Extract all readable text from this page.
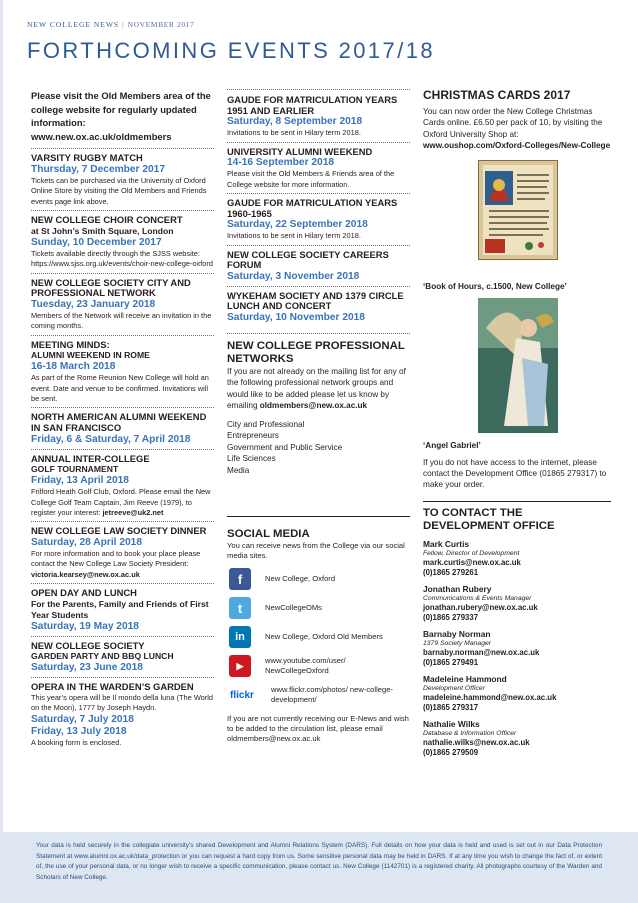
NEW COLLEGE NEWS | NOVEMBER 2017
FORTHCOMING EVENTS 2017/18
Please visit the Old Members area of the college website for regularly updated information: www.new.ox.ac.uk/oldmembers
VARSITY RUGBY MATCH
Thursday, 7 December 2017
Tickets can be purchased via the University of Oxford Online Store by visiting the Old Members and Friends events page link above.
NEW COLLEGE CHOIR CONCERT
at St John’s Smith Square, London
Sunday, 10 December 2017
Tickets available directly through the SJSS website: https://www.sjss.org.uk/events/choir-new-college-oxford
NEW COLLEGE SOCIETY CITY AND PROFESSIONAL NETWORK
Tuesday, 23 January 2018
Members of the Network will receive an invitation in the coming months.
MEETING MINDS:
ALUMNI WEEKEND IN ROME
16-18 March 2018
As part of the Rome Reunion New College will hold an event. Date and venue to be confirmed. Invitations will be sent.
NORTH AMERICAN ALUMNI WEEKEND IN SAN FRANCISCO
Friday, 6 & Saturday, 7 April 2018
ANNUAL INTER-COLLEGE
GOLF TOURNAMENT
Friday, 13 April 2018
Frilford Heath Golf Club, Oxford. Please email the New College Golf Team Captain, Jim Reeve (1979), to register your interest: jetreeve@uk2.net
NEW COLLEGE LAW SOCIETY DINNER
Saturday, 28 April 2018
For more information and to book your place please contact the New College Law Society President: victoria.kearsey@new.ox.ac.uk
OPEN DAY AND LUNCH
For the Parents, Family and Friends of First Year Students
Saturday, 19 May 2018
NEW COLLEGE SOCIETY
GARDEN PARTY AND BBQ LUNCH
Saturday, 23 June 2018
OPERA IN THE WARDEN’S GARDEN
This year’s opera will be Il mondo della luna (The World on the Moon), 1777 by Joseph Haydn.
Saturday, 7 July 2018
Friday, 13 July 2018
A booking form is enclosed.
GAUDE FOR MATRICULATION YEARS 1951 AND EARLIER
Saturday, 8 September 2018
Invitations to be sent in Hilary term 2018.
UNIVERSITY ALUMNI WEEKEND
14-16 September 2018
Please visit the Old Members & Friends area of the College website for more information.
GAUDE FOR MATRICULATION YEARS 1960-1965
Saturday, 22 September 2018
Invitations to be sent in Hilary term 2018.
NEW COLLEGE SOCIETY CAREERS FORUM
Saturday, 3 November 2018
WYKEHAM SOCIETY AND 1379 CIRCLE LUNCH AND CONCERT
Saturday, 10 November 2018
NEW COLLEGE PROFESSIONAL NETWORKS
If you are not already on the mailing list for any of the following professional network groups and would like to be added please let us know by emailing oldmembers@new.ox.ac.uk
City and Professional
Entrepreneurs
Government and Public Service
Life Sciences
Media
SOCIAL MEDIA
You can receive news from the College via our social media sites.
f	New College, Oxford
t	NewCollegeOMs
in	New College, Oxford Old Members
▶	www.youtube.com/user/ NewCollegeOxford
flickr	www.flickr.com/photos/ new-college-development/
If you are not currently receiving our E-News and wish to be added to the circulation list, please email oldmembers@new.ox.ac.uk
CHRISTMAS CARDS 2017
You can now order the New College Christmas Cards online. £6.50 per pack of 10, by visiting the Oxford University Shop at: www.oushop.com/Oxford-Colleges/New-College
‘Book of Hours, c.1500, New College’
‘Angel Gabriel’
If you do not have access to the internet, please contact the Development Office (01865 279317) to make your order.
TO CONTACT THE DEVELOPMENT OFFICE
Mark Curtis
Fellow, Director of Development
mark.curtis@new.ox.ac.uk
(0)1865 279261
Jonathan Rubery
Communications & Events Manager
jonathan.rubery@new.ox.ac.uk
(0)1865 279337
Barnaby Norman
1379 Society Manager
barnaby.norman@new.ox.ac.uk
(0)1865 279491
Madeleine Hammond
Development Officer
madeleine.hammond@new.ox.ac.uk
(0)1865 279317
Nathalie Wilks
Database & Information Officer
nathalie.wilks@new.ox.ac.uk
(0)1865 279509
Your data is held securely in the collegiate university’s shared Development and Alumni Relations System (DARS). Full details on how your data is held and used is set out in our Data Protection Statement at www.alumni.ox.ac.uk/data_protection or you can request a hard copy from us. Some sensitive personal data may be held in DARS. If at any time you wish to change the fact of, or extent of, the use of your personal data, or no longer wish to receive a specific communication, please contact us. New College (1142701) is a registered charity. All photographs courtesy of the Warden and Scholars of New College.
